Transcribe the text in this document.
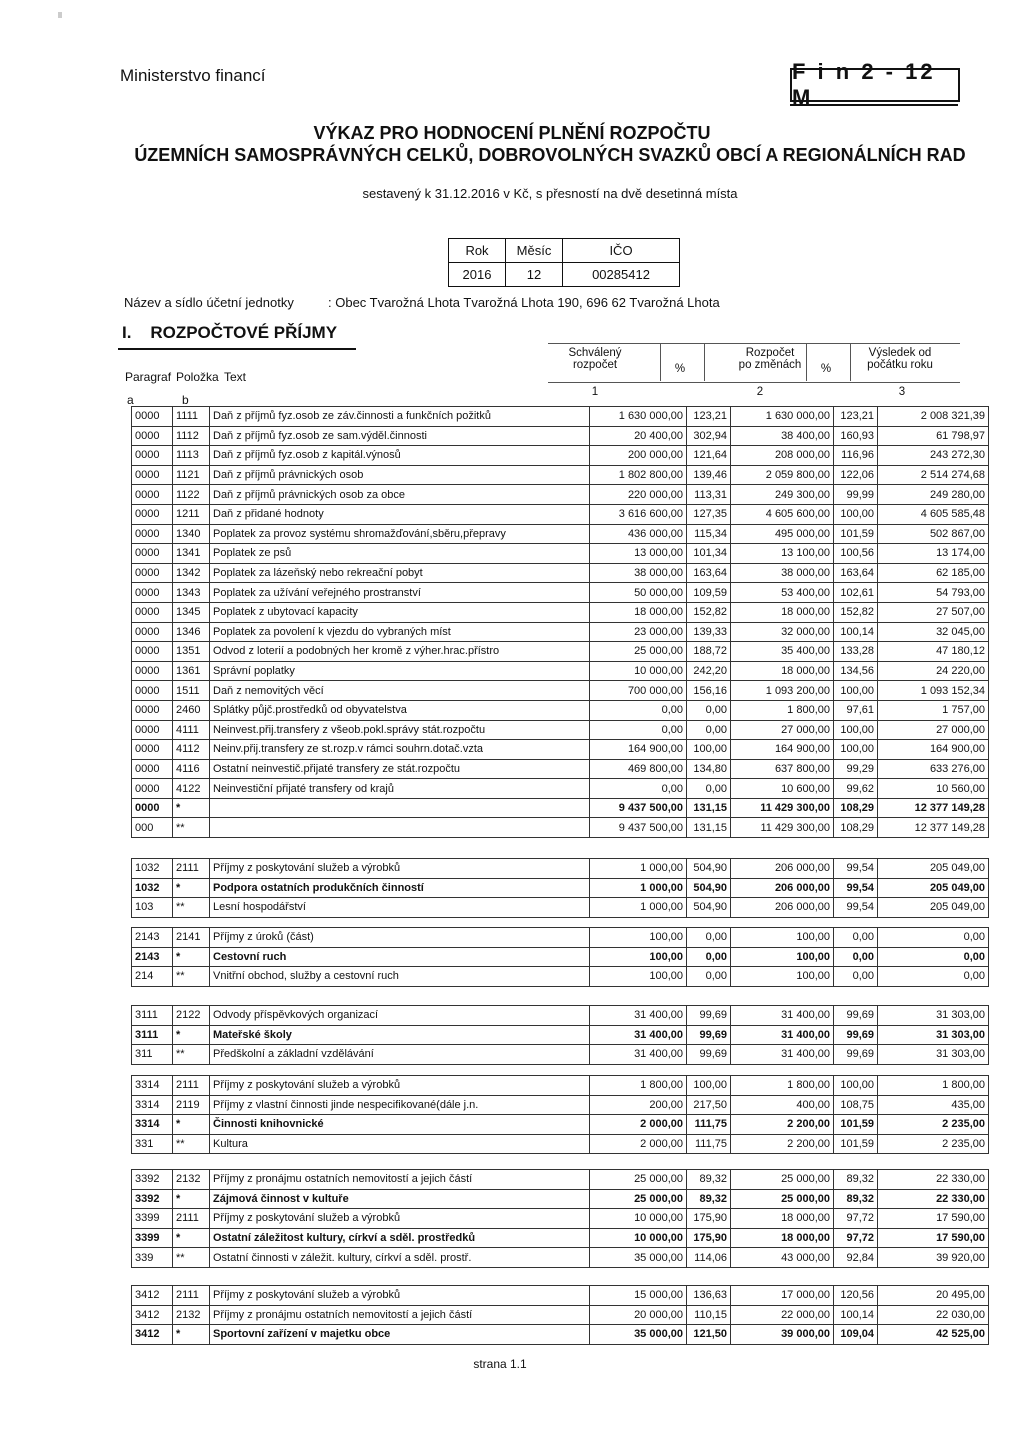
Ministerstvo financí	F i n 2 - 12 M
VÝKAZ PRO HODNOCENÍ PLNĚNÍ ROZPOČTU
ÚZEMNÍCH SAMOSPRÁVNÝCH CELKŮ, DOBROVOLNÝCH SVAZKŮ OBCÍ A REGIONÁLNÍCH RAD
sestavený k 31.12.2016 v Kč, s přesností na dvě desetinná místa
Rok	Měsíc	IČO
2016	12	00285412
Název a sídlo účetní jednotky	: Obec Tvarožná Lhota Tvarožná Lhota 190, 696 62 Tvarožná Lhota
I.    ROZPOČTOVÉ PŘÍJMY
Paragraf Položka Text
a	b
Schválený
rozpočet	%
Rozpočet
po změnách	%
Výsledek od
počátku roku
1	2	3
0000	1111	Daň z příjmů fyz.osob ze záv.činnosti a funkčních požitků	1 630 000,00	123,21	1 630 000,00	123,21	2 008 321,39
0000	1112	Daň z příjmů fyz.osob ze sam.výděl.činnosti	20 400,00	302,94	38 400,00	160,93	61 798,97
0000	1113	Daň z příjmů fyz.osob z kapitál.výnosů	200 000,00	121,64	208 000,00	116,96	243 272,30
0000	1121	Daň z příjmů právnických osob	1 802 800,00	139,46	2 059 800,00	122,06	2 514 274,68
0000	1122	Daň z příjmů právnických osob za obce	220 000,00	113,31	249 300,00	99,99	249 280,00
0000	1211	Daň z přidané hodnoty	3 616 600,00	127,35	4 605 600,00	100,00	4 605 585,48
0000	1340	Poplatek za provoz systému shromažďování,sběru,přepravy	436 000,00	115,34	495 000,00	101,59	502 867,00
0000	1341	Poplatek ze psů	13 000,00	101,34	13 100,00	100,56	13 174,00
0000	1342	Poplatek za lázeňský nebo rekreační pobyt	38 000,00	163,64	38 000,00	163,64	62 185,00
0000	1343	Poplatek za užívání veřejného prostranství	50 000,00	109,59	53 400,00	102,61	54 793,00
0000	1345	Poplatek z ubytovací kapacity	18 000,00	152,82	18 000,00	152,82	27 507,00
0000	1346	Poplatek za povolení k vjezdu do vybraných míst	23 000,00	139,33	32 000,00	100,14	32 045,00
0000	1351	Odvod z loterií a podobných her kromě z výher.hrac.přístro	25 000,00	188,72	35 400,00	133,28	47 180,12
0000	1361	Správní poplatky	10 000,00	242,20	18 000,00	134,56	24 220,00
0000	1511	Daň z nemovitých věcí	700 000,00	156,16	1 093 200,00	100,00	1 093 152,34
0000	2460	Splátky půjč.prostředků od obyvatelstva	0,00	0,00	1 800,00	97,61	1 757,00
0000	4111	Neinvest.přij.transfery z všeob.pokl.správy stát.rozpočtu	0,00	0,00	27 000,00	100,00	27 000,00
0000	4112	Neinv.přij.transfery ze st.rozp.v rámci souhrn.dotač.vzta	164 900,00	100,00	164 900,00	100,00	164 900,00
0000	4116	Ostatní neinvestič.přijaté transfery ze stát.rozpočtu	469 800,00	134,80	637 800,00	99,29	633 276,00
0000	4122	Neinvestiční přijaté transfery od krajů	0,00	0,00	10 600,00	99,62	10 560,00
0000	*		9 437 500,00	131,15	11 429 300,00	108,29	12 377 149,28
000	**		9 437 500,00	131,15	11 429 300,00	108,29	12 377 149,28
1032	2111	Příjmy z poskytování služeb a výrobků	1 000,00	504,90	206 000,00	99,54	205 049,00
1032	*	Podpora ostatních produkčních činností	1 000,00	504,90	206 000,00	99,54	205 049,00
103	**	Lesní hospodářství	1 000,00	504,90	206 000,00	99,54	205 049,00
2143	2141	Příjmy z úroků (část)	100,00	0,00	100,00	0,00	0,00
2143	*	Cestovní ruch	100,00	0,00	100,00	0,00	0,00
214	**	Vnitřní obchod, služby a cestovní ruch	100,00	0,00	100,00	0,00	0,00
3111	2122	Odvody příspěvkových organizací	31 400,00	99,69	31 400,00	99,69	31 303,00
3111	*	Mateřské školy	31 400,00	99,69	31 400,00	99,69	31 303,00
311	**	Předškolní a základní vzdělávání	31 400,00	99,69	31 400,00	99,69	31 303,00
3314	2111	Příjmy z poskytování služeb a výrobků	1 800,00	100,00	1 800,00	100,00	1 800,00
3314	2119	Příjmy z vlastní činnosti jinde nespecifikované(dále j.n.	200,00	217,50	400,00	108,75	435,00
3314	*	Činnosti knihovnické	2 000,00	111,75	2 200,00	101,59	2 235,00
331	**	Kultura	2 000,00	111,75	2 200,00	101,59	2 235,00
3392	2132	Příjmy z pronájmu ostatních nemovitostí a jejich částí	25 000,00	89,32	25 000,00	89,32	22 330,00
3392	*	Zájmová činnost v kultuře	25 000,00	89,32	25 000,00	89,32	22 330,00
3399	2111	Příjmy z poskytování služeb a výrobků	10 000,00	175,90	18 000,00	97,72	17 590,00
3399	*	Ostatní záležitost kultury, církví a sděl. prostředků	10 000,00	175,90	18 000,00	97,72	17 590,00
339	**	Ostatní činnosti v záležit. kultury, církví a sděl. prostř.	35 000,00	114,06	43 000,00	92,84	39 920,00
3412	2111	Příjmy z poskytování služeb a výrobků	15 000,00	136,63	17 000,00	120,56	20 495,00
3412	2132	Příjmy z pronájmu ostatních nemovitostí a jejich částí	20 000,00	110,15	22 000,00	100,14	22 030,00
3412	*	Sportovní zařízení v majetku obce	35 000,00	121,50	39 000,00	109,04	42 525,00
strana 1.1
